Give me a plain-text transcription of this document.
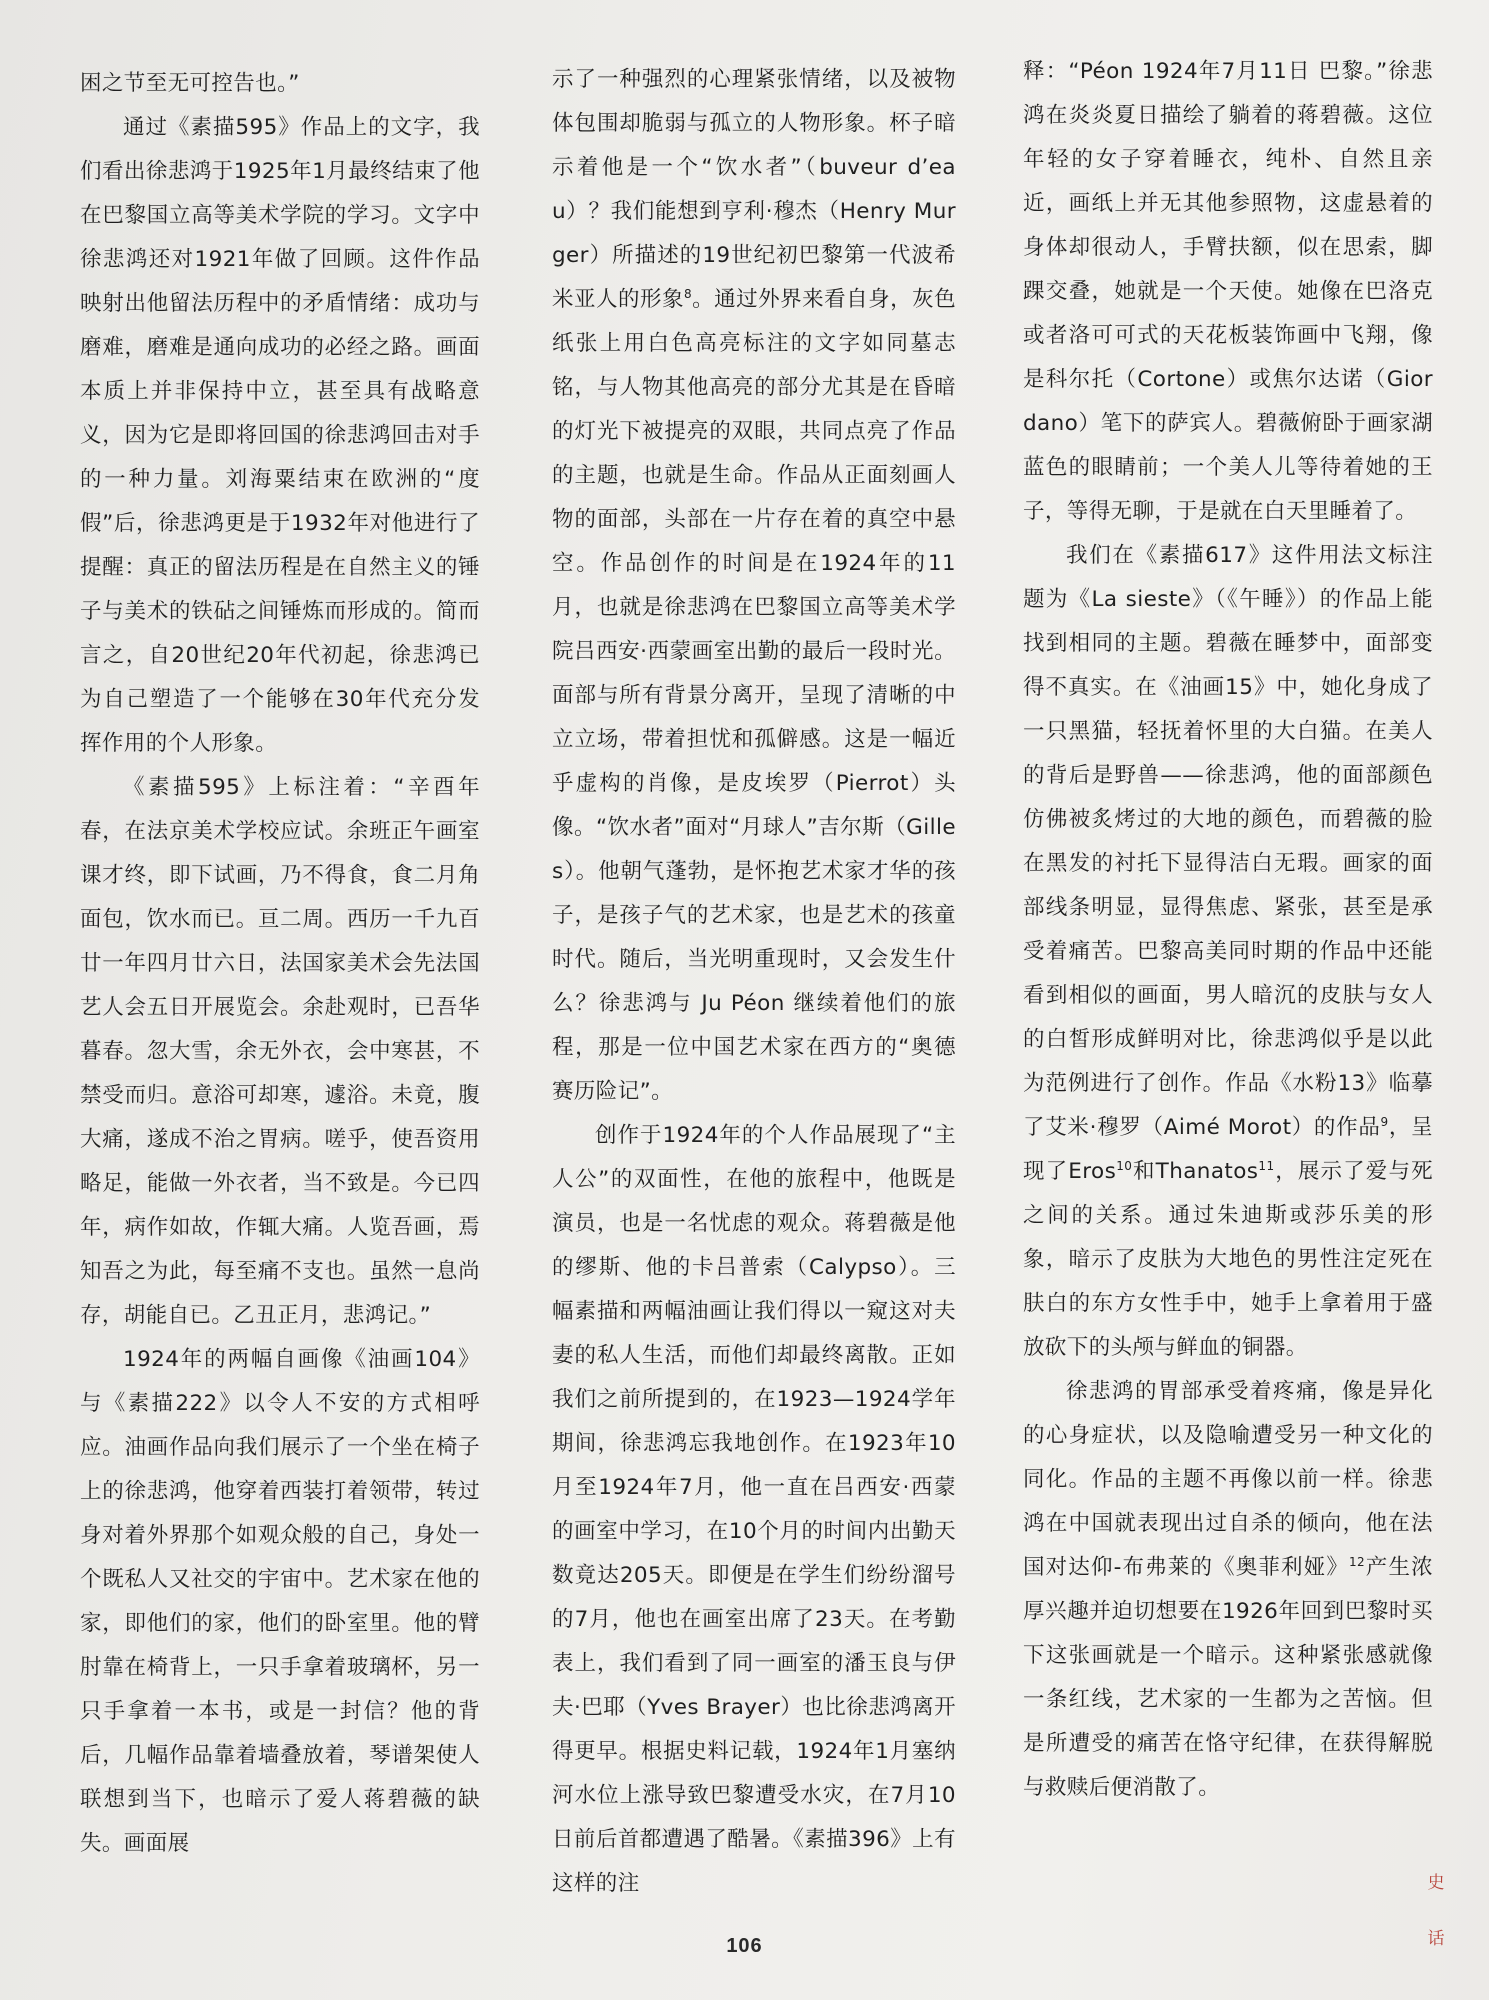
困之节至无可控告也。”

通过《素描595》作品上的文字，我们看出徐悲鸿于1925年1月最终结束了他在巴黎国立高等美术学院的学习。文字中徐悲鸿还对1921年做了回顾。这件作品映射出他留法历程中的矛盾情绪：成功与磨难，磨难是通向成功的必经之路。画面本质上并非保持中立，甚至具有战略意义，因为它是即将回国的徐悲鸿回击对手的一种力量。刘海粟结束在欧洲的“度假”后，徐悲鸿更是于1932年对他进行了提醒：真正的留法历程是在自然主义的锤子与美术的铁砧之间锤炼而形成的。简而言之，自20世纪20年代初起，徐悲鸿已为自己塑造了一个能够在30年代充分发挥作用的个人形象。

《素描595》上标注着：“辛酉年春，在法京美术学校应试。余班正午画室课才终，即下试画，乃不得食，食二月角面包，饮水而已。亘二周。西历一千九百廿一年四月廿六日，法国家美术会先法国艺人会五日开展览会。余赴观时，已吾华暮春。忽大雪，余无外衣，会中寒甚，不禁受而归。意浴可却寒，遽浴。未竟，腹大痛，遂成不治之胃病。嗟乎，使吾资用略足，能做一外衣者，当不致是。今已四年，病作如故，作辄大痛。人览吾画，焉知吾之为此，每至痛不支也。虽然一息尚存，胡能自已。乙丑正月，悲鸿记。”

1924年的两幅自画像《油画104》与《素描222》以令人不安的方式相呼应。油画作品向我们展示了一个坐在椅子上的徐悲鸿，他穿着西装打着领带，转过身对着外界那个如观众般的自己，身处一个既私人又社交的宇宙中。艺术家在他的家，即他们的家，他们的卧室里。他的臂肘靠在椅背上，一只手拿着玻璃杯，另一只手拿着一本书，或是一封信？他的背后，几幅作品靠着墙叠放着，琴谱架使人联想到当下，也暗示了爱人蒋碧薇的缺失。画面展

示了一种强烈的心理紧张情绪，以及被物体包围却脆弱与孤立的人物形象。杯子暗示着他是一个“饮水者”（buveur d’eau）？我们能想到亨利·穆杰（Henry Murger）所描述的19世纪初巴黎第一代波希米亚人的形象$^8$。通过外界来看自身，灰色纸张上用白色高亮标注的文字如同墓志铭，与人物其他高亮的部分尤其是在昏暗的灯光下被提亮的双眼，共同点亮了作品的主题，也就是生命。作品从正面刻画人物的面部，头部在一片存在着的真空中悬空。作品创作的时间是在1924年的11月，也就是徐悲鸿在巴黎国立高等美术学院吕西安·西蒙画室出勤的最后一段时光。面部与所有背景分离开，呈现了清晰的中立立场，带着担忧和孤僻感。这是一幅近乎虚构的肖像，是皮埃罗（Pierrot）头像。“饮水者”面对“月球人”吉尔斯（Gilles）。他朝气蓬勃，是怀抱艺术家才华的孩子，是孩子气的艺术家，也是艺术的孩童时代。随后，当光明重现时，又会发生什么？徐悲鸿与 Ju Péon 继续着他们的旅程，那是一位中国艺术家在西方的“奥德赛历险记”。

创作于1924年的个人作品展现了“主人公”的双面性，在他的旅程中，他既是演员，也是一名忧虑的观众。蒋碧薇是他的缪斯、他的卡吕普索（Calypso）。三幅素描和两幅油画让我们得以一窥这对夫妻的私人生活，而他们却最终离散。正如我们之前所提到的，在1923—1924学年期间，徐悲鸿忘我地创作。在1923年10月至1924年7月，他一直在吕西安·西蒙的画室中学习，在10个月的时间内出勤天数竟达205天。即便是在学生们纷纷溜号的7月，他也在画室出席了23天。在考勤表上，我们看到了同一画室的潘玉良与伊夫·巴耶（Yves Brayer）也比徐悲鸿离开得更早。根据史料记载，1924年1月塞纳河水位上涨导致巴黎遭受水灾，在7月10日前后首都遭遇了酷暑。《素描396》上有这样的注

释：“Péon 1924年7月11日 巴黎。”徐悲鸿在炎炎夏日描绘了躺着的蒋碧薇。这位年轻的女子穿着睡衣，纯朴、自然且亲近，画纸上并无其他参照物，这虚悬着的身体却很动人，手臂扶额，似在思索，脚踝交叠，她就是一个天使。她像在巴洛克或者洛可可式的天花板装饰画中飞翔，像是科尔托（Cortone）或焦尔达诺（Giordano）笔下的萨宾人。碧薇俯卧于画家湖蓝色的眼睛前；一个美人儿等待着她的王子，等得无聊，于是就在白天里睡着了。

我们在《素描617》这件用法文标注题为《La sieste》（《午睡》）的作品上能找到相同的主题。碧薇在睡梦中，面部变得不真实。在《油画15》中，她化身成了一只黑猫，轻抚着怀里的大白猫。在美人的背后是野兽——徐悲鸿，他的面部颜色仿佛被炙烤过的大地的颜色，而碧薇的脸在黑发的衬托下显得洁白无瑕。画家的面部线条明显，显得焦虑、紧张，甚至是承受着痛苦。巴黎高美同时期的作品中还能看到相似的画面，男人暗沉的皮肤与女人的白皙形成鲜明对比，徐悲鸿似乎是以此为范例进行了创作。作品《水粉13》临摹了艾米·穆罗（Aimé Morot）的作品$^9$，呈现了Eros$^{10}$和Thanatos$^{11}$，展示了爱与死之间的关系。通过朱迪斯或莎乐美的形象，暗示了皮肤为大地色的男性注定死在肤白的东方女性手中，她手上拿着用于盛放砍下的头颅与鲜血的铜器。

徐悲鸿的胃部承受着疼痛，像是异化的心身症状，以及隐喻遭受另一种文化的同化。作品的主题不再像以前一样。徐悲鸿在中国就表现出过自杀的倾向，他在法国对达仰-布弗莱的《奥菲利娅》$^{12}$产生浓厚兴趣并迫切想要在1926年回到巴黎时买下这张画就是一个暗示。这种紧张感就像一条红线，艺术家的一生都为之苦恼。但是所遭受的痛苦在恪守纪律，在获得解脱与救赎后便消散了。

106
史
话
